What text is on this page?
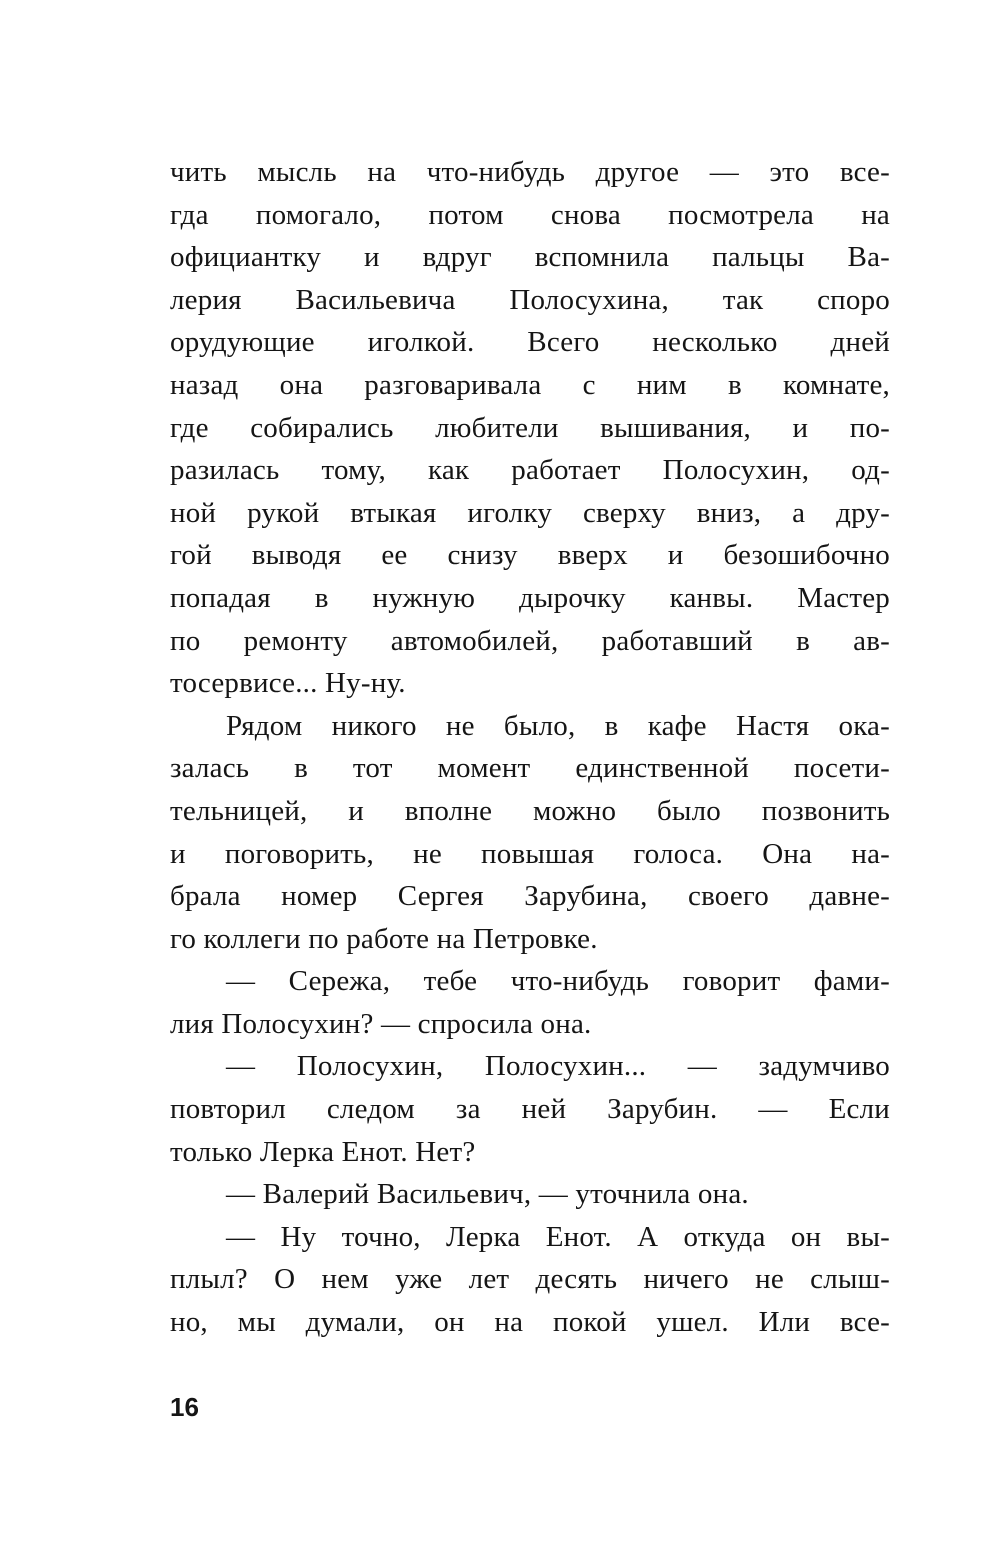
чить мысль на что-нибудь другое — это все-
гда помогало, потом снова посмотрела на
официантку и вдруг вспомнила пальцы Ва-
лерия Васильевича Полосухина, так споро
орудующие иголкой. Всего несколько дней
назад она разговаривала с ним в комнате,
где собирались любители вышивания, и по-
разилась тому, как работает Полосухин, од-
ной рукой втыкая иголку сверху вниз, а дру-
гой выводя ее снизу вверх и безошибочно
попадая в нужную дырочку канвы. Мастер
по ремонту автомобилей, работавший в ав-
тосервисе... Ну-ну.
Рядом никого не было, в кафе Настя ока-
залась в тот момент единственной посети-
тельницей, и вполне можно было позвонить
и поговорить, не повышая голоса. Она на-
брала номер Сергея Зарубина, своего давне-
го коллеги по работе на Петровке.
— Сережа, тебе что-нибудь говорит фами-
лия Полосухин? — спросила она.
— Полосухин, Полосухин... — задумчиво
повторил следом за ней Зарубин. — Если
только Лерка Енот. Нет?
— Валерий Васильевич, — уточнила она.
— Ну точно, Лерка Енот. А откуда он вы-
плыл? О нем уже лет десять ничего не слыш-
но, мы думали, он на покой ушел. Или все-
16
